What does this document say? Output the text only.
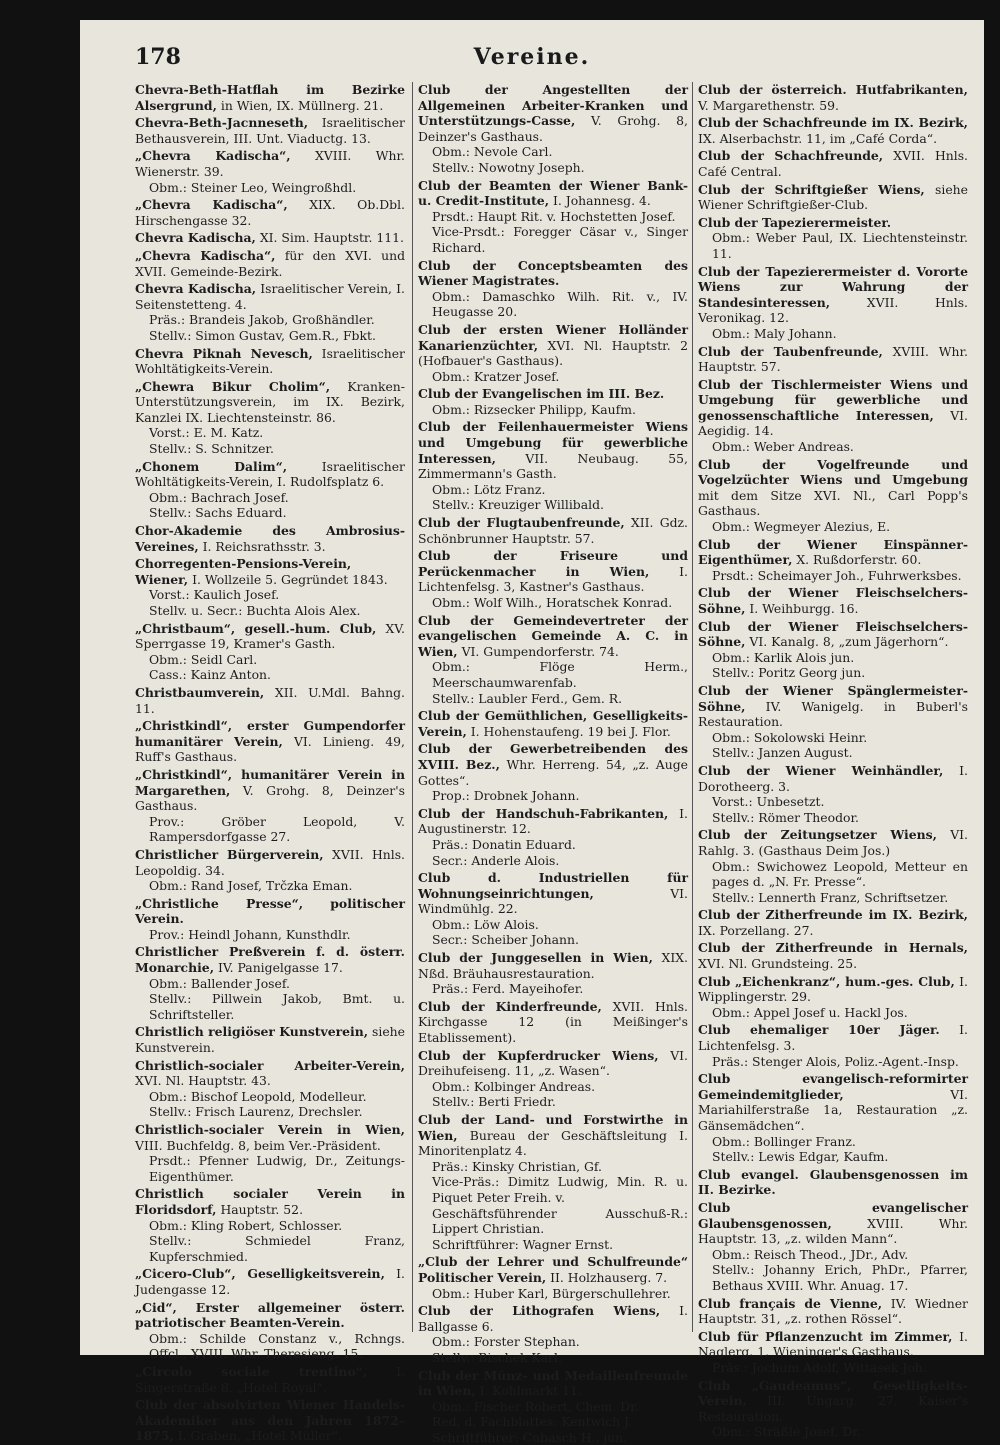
178	Vereine.
Chevra-Beth-Hatflah im Bezirke Alsergrund, in Wien, IX. Müllnerg. 21.
Chevra-Beth-Jacnneseth, Israelitischer Bethausverein, III. Unt. Viaductg. 13.
„Chevra Kadischa“, XVIII. Whr. Wienerstr. 39.
Obm.: Steiner Leo, Weingroßhdl.
„Chevra Kadischa“, XIX. Ob.Dbl. Hirschengasse 32.
Chevra Kadischa, XI. Sim. Hauptstr. 111.
„Chevra Kadischa“, für den XVI. und XVII. Gemeinde-Bezirk.
Chevra Kadischa, Israelitischer Verein, I. Seitenstetteng. 4.
Präs.: Brandeis Jakob, Großhändler.
Stellv.: Simon Gustav, Gem.R., Fbkt.
Chevra Piknah Nevesch, Israelitischer Wohltätigkeits-Verein.
„Chewra Bikur Cholim“, Kranken-Unterstützungsverein, im IX. Bezirk, Kanzlei IX. Liechtensteinstr. 86.
Vorst.: E. M. Katz.
Stellv.: S. Schnitzer.
„Chonem Dalim“,	Israelitischer Wohltätigkeits-Verein, I. Rudolfsplatz 6.
Obm.: Bachrach Josef.
Stellv.: Sachs Eduard.
Chor-Akademie des Ambrosius-Vereines, I. Reichsrathsstr. 3.
Chorregenten-Pensions-Verein, Wiener, I. Wollzeile 5. Gegründet 1843.
Vorst.: Kaulich Josef.
Stellv. u. Secr.: Buchta Alois Alex.
„Christbaum“, gesell.-hum. Club, XV. Sperrgasse 19, Kramer's Gasth.
Obm.: Seidl Carl.
Cass.: Kainz Anton.
Christbaumverein, XII. U.Mdl. Bahng. 11.
„Christkindl“, erster Gumpendorfer humanitärer Verein, VI. Linieng. 49, Ruff's Gasthaus.
„Christkindl“, humanitärer Verein in Margarethen, V. Grohg. 8, Deinzer's Gasthaus.
Prov.: Gröber Leopold, V. Rampersdorfgasse 27.
Christlicher Bürgerverein, XVII. Hnls. Leopoldig. 34.
Obm.: Rand Josef, Trčzka Eman.
„Christliche Presse“, politischer Verein.
Prov.: Heindl Johann, Kunsthdlr.
Christlicher Preßverein f. d. österr. Monarchie, IV. Panigelgasse 17.
Obm.: Ballender Josef.
Stellv.: Pillwein Jakob, Bmt. u. Schriftsteller.
Christlich religiöser Kunstverein, siehe Kunstverein.
Christlich-socialer Arbeiter-Verein, XVI. Nl. Hauptstr. 43.
Obm.: Bischof Leopold, Modelleur.
Stellv.: Frisch Laurenz, Drechsler.
Christlich-socialer Verein in Wien, VIII. Buchfeldg. 8, beim Ver.-Präsident.
Prsdt.: Pfenner Ludwig, Dr., Zeitungs-Eigenthümer.
Christlich socialer Verein in Floridsdorf, Hauptstr. 52.
Obm.: Kling Robert, Schlosser.
Stellv.: Schmiedel Franz, Kupferschmied.
„Cicero-Club“, Geselligkeitsverein, I. Judengasse 12.
„Cid“, Erster allgemeiner österr. patriotischer Beamten-Verein.
Obm.: Schilde Constanz v., Rchngs. Offcl., XVIII. Whr. Theresieng. 15.
„Circolo sociale trentino“, I. Singerstraße 8, „Hotel Royal“.
Club der absolvirten Wiener Handels-Akademiker aus den Jahren 1872–1875, I. Graben, „Hotel Müller“.
Club der Angestellten der Allgemeinen Arbeiter-Kranken und Unterstützungs-Casse, V. Grohg. 8, Deinzer's Gasthaus.
Obm.: Nevole Carl.
Stellv.: Nowotny Joseph.
Club der Beamten der Wiener Bank- u. Credit-Institute, I. Johannesg. 4.
Prsdt.: Haupt Rit. v. Hochstetten Josef.
Vice-Prsdt.: Foregger Cäsar v., Singer Richard.
Club der Conceptsbeamten des Wiener Magistrates.
Obm.: Damaschko Wilh. Rit. v., IV. Heugasse 20.
Club der ersten Wiener Holländer Kanarienzüchter, XVI. Nl. Hauptstr. 2 (Hofbauer's Gasthaus).
Obm.: Kratzer Josef.
Club der Evangelischen im III. Bez.
Obm.: Rizsecker Philipp, Kaufm.
Club der Feilenhauermeister Wiens und Umgebung für gewerbliche Interessen, VII. Neubaug. 55, Zimmermann's Gasth.
Obm.: Lötz Franz.
Stellv.: Kreuziger Willibald.
Club der Flugtaubenfreunde, XII. Gdz. Schönbrunner Hauptstr. 57.
Club der Friseure und Perückenmacher in Wien, I. Lichtenfelsg. 3, Kastner's Gasthaus.
Obm.: Wolf Wilh., Horatschek Konrad.
Club der Gemeindevertreter der evangelischen Gemeinde A. C. in Wien, VI. Gumpendorferstr. 74.
Obm.: Flöge Herm., Meerschaumwarenfab.
Stellv.: Laubler Ferd., Gem. R.
Club der Gemüthlichen, Geselligkeits-Verein, I. Hohenstaufeng. 19 bei J. Flor.
Club der Gewerbetreibenden des XVIII. Bez., Whr. Herreng. 54, „z. Auge Gottes“.
Prop.: Drobnek Johann.
Club der Handschuh-Fabrikanten, I. Augustinerstr. 12.
Präs.: Donatin Eduard.
Secr.: Anderle Alois.
Club d. Industriellen für Wohnungseinrichtungen,	VI. Windmühlg. 22.
Obm.: Löw Alois.
Secr.: Scheiber Johann.
Club der Junggesellen in Wien, XIX. Nßd. Bräuhausrestauration.
Präs.: Ferd. Mayeihofer.
Club der Kinderfreunde, XVII. Hnls. Kirchgasse 12 (in Meißinger's Etablissement).
Club der Kupferdrucker Wiens, VI. Dreihufeiseng. 11, „z. Wasen“.
Obm.: Kolbinger Andreas.
Stellv.: Berti Friedr.
Club der Land- und Forstwirthe in Wien, Bureau der Geschäftsleitung I. Minoritenplatz 4.
Präs.: Kinsky Christian, Gf.
Vice-Präs.: Dimitz Ludwig, Min. R. u. Piquet Peter Freih. v.
Geschäftsführender Ausschuß-R.: Lippert Christian.
Schriftführer: Wagner Ernst.
„Club der Lehrer und Schulfreunde“ Politischer Verein, II. Holzhauserg. 7.
Obm.: Huber Karl, Bürgerschullehrer.
Club der Lithografen Wiens, I. Ballgasse 6.
Obm.: Forster Stephan.
Stellv.: Bischek Karl.
Club der Münz- und Medaillenfreunde in Wien, I. Kohlmarkt 11.
Obm.: Fischer Robert, Chem. Dr.
Red. d. Fachblattes: Kentwich J.
Schriftführer: Cubasch H., jun.
Club der österreich. Hutfabrikanten, V. Margarethenstr. 59.
Club der Schachfreunde im IX. Bezirk, IX. Alserbachstr. 11, im „Café Corda“.
Club der Schachfreunde, XVII. Hnls. Café Central.
Club der Schriftgießer Wiens, siehe Wiener Schriftgießer-Club.
Club der Tapezierermeister.
Obm.: Weber Paul, IX. Liechtensteinstr. 11.
Club der Tapezierermeister d. Vororte Wiens zur Wahrung der Standesinteressen,	XVII. Hnls. Veronikag. 12.
Obm.: Maly Johann.
Club der Taubenfreunde, XVIII. Whr. Hauptstr. 57.
Club der Tischlermeister Wiens und Umgebung für gewerbliche und genossenschaftliche Interessen, VI. Aegidig. 14.
Obm.: Weber Andreas.
Club der Vogelfreunde und Vogelzüchter Wiens und Umgebung mit dem Sitze XVI. Nl., Carl Popp's Gasthaus.
Obm.: Wegmeyer Alezius, E.
Club der Wiener Einspänner-Eigenthümer, X. Rußdorferstr. 60.
Prsdt.: Scheimayer Joh., Fuhrwerksbes.
Club der Wiener Fleischselchers-Söhne, I. Weihburgg. 16.
Club der Wiener Fleischselchers-Söhne, VI. Kanalg. 8, „zum Jägerhorn“.
Obm.: Karlik Alois jun.
Stellv.: Poritz Georg jun.
Club der Wiener Spänglermeister-Söhne, IV. Wanigelg. in Buberl's Restauration.
Obm.: Sokolowski Heinr.
Stellv.: Janzen August.
Club der Wiener Weinhändler, I. Dorotheerg. 3.
Vorst.: Unbesetzt.
Stellv.: Römer Theodor.
Club der Zeitungsetzer Wiens, VI. Rahlg. 3. (Gasthaus Deim Jos.)
Obm.: Swichowez Leopold, Metteur en pages d. „N. Fr. Presse“.
Stellv.: Lennerth Franz, Schriftsetzer.
Club der Zitherfreunde im IX. Bezirk, IX. Porzellang. 27.
Club der Zitherfreunde in Hernals, XVI. Nl. Grundsteing. 25.
Club „Eichenkranz“, hum.-ges. Club, I. Wipplingerstr. 29.
Obm.: Appel Josef u. Hackl Jos.
Club ehemaliger 10er Jäger. I. Lichtenfelsg. 3.
Präs.: Stenger Alois, Poliz.-Agent.-Insp.
Club evangelisch-reformirter Gemeindemitglieder,	VI. Mariahilferstraße 1a, Restauration „z. Gänsemädchen“.
Obm.: Bollinger Franz.
Stellv.: Lewis Edgar, Kaufm.
Club evangel. Glaubensgenossen im II. Bezirke.
Club evangelischer Glaubensgenossen,	XVIII. Whr. Hauptstr. 13, „z. wilden Mann“.
Obm.: Reisch Theod., JDr., Adv.
Stellv.: Johanny Erich, PhDr., Pfarrer, Bethaus XVIII. Whr. Anuag. 17.
Club français de Vienne, IV. Wiedner Hauptstr. 31, „z. rothen Rössel“.
Club für Pflanzenzucht im Zimmer, I. Naglerg. 1, Wieninger's Gasthaus.
Präs.: Jochum Adolf, Wittasek Joh.
Club „Gaudeamus“, Geselligkeits-Verein, III. Ungarg. 27, Kaiser's Restauration.
Obm.: Sträßle Josef, Dr.
